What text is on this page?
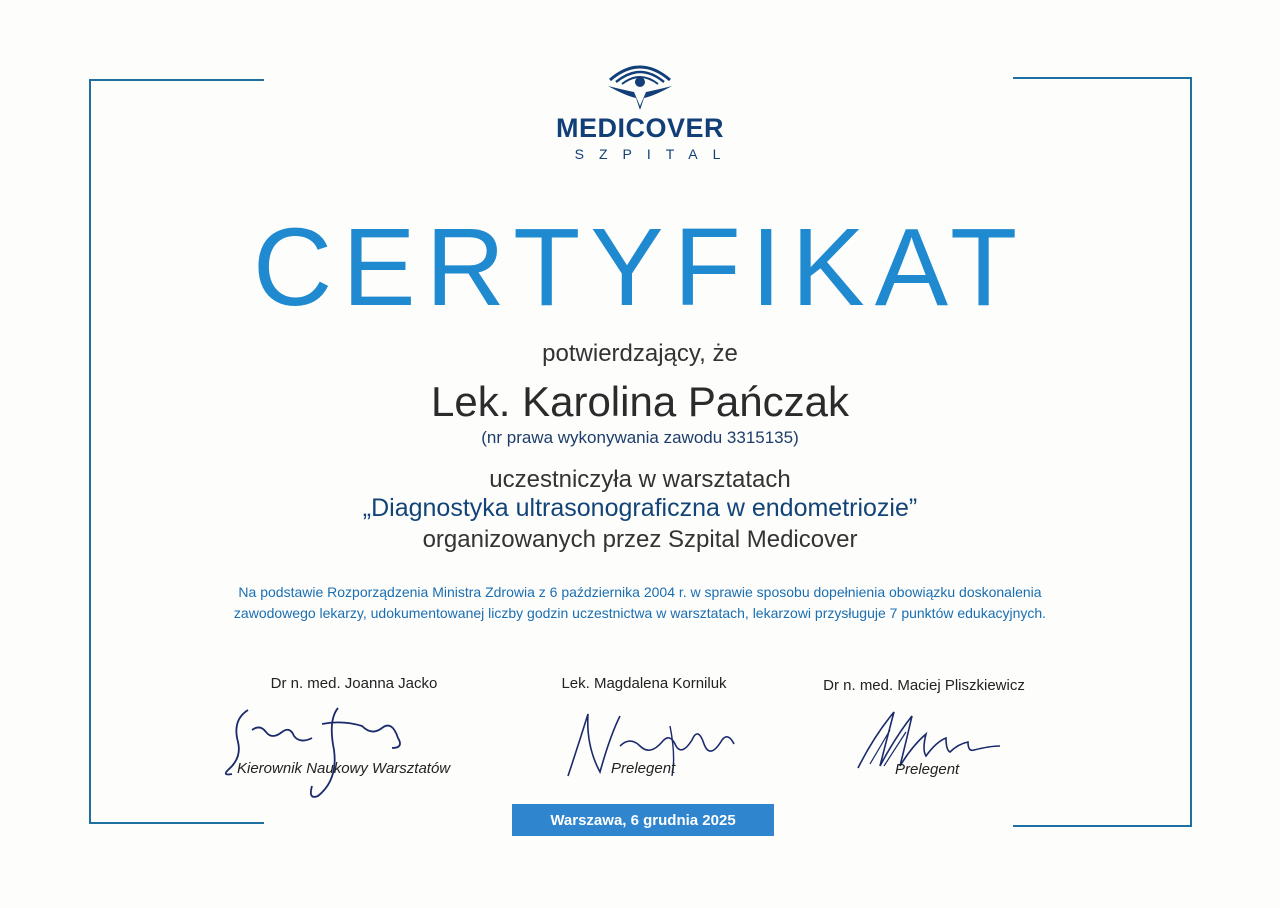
MEDICOVER
SZPITAL
CERTYFIKAT
potwierdzający, że
Lek. Karolina Pańczak
(nr prawa wykonywania zawodu 3315135)
uczestniczyła w warsztatach
„Diagnostyka ultrasonograficzna w endometriozie”
organizowanych przez Szpital Medicover
Na podstawie Rozporządzenia Ministra Zdrowia z 6 października 2004 r. w sprawie sposobu dopełnienia obowiązku doskonalenia
zawodowego lekarzy, udokumentowanej liczby godzin uczestnictwa w warsztatach, lekarzowi przysługuje 7 punktów edukacyjnych.
Dr n. med. Joanna Jacko
Kierownik Naukowy Warsztatów
Lek. Magdalena Korniluk
Prelegent
Dr n. med. Maciej Pliszkiewicz
Prelegent
Warszawa, 6 grudnia 2025
